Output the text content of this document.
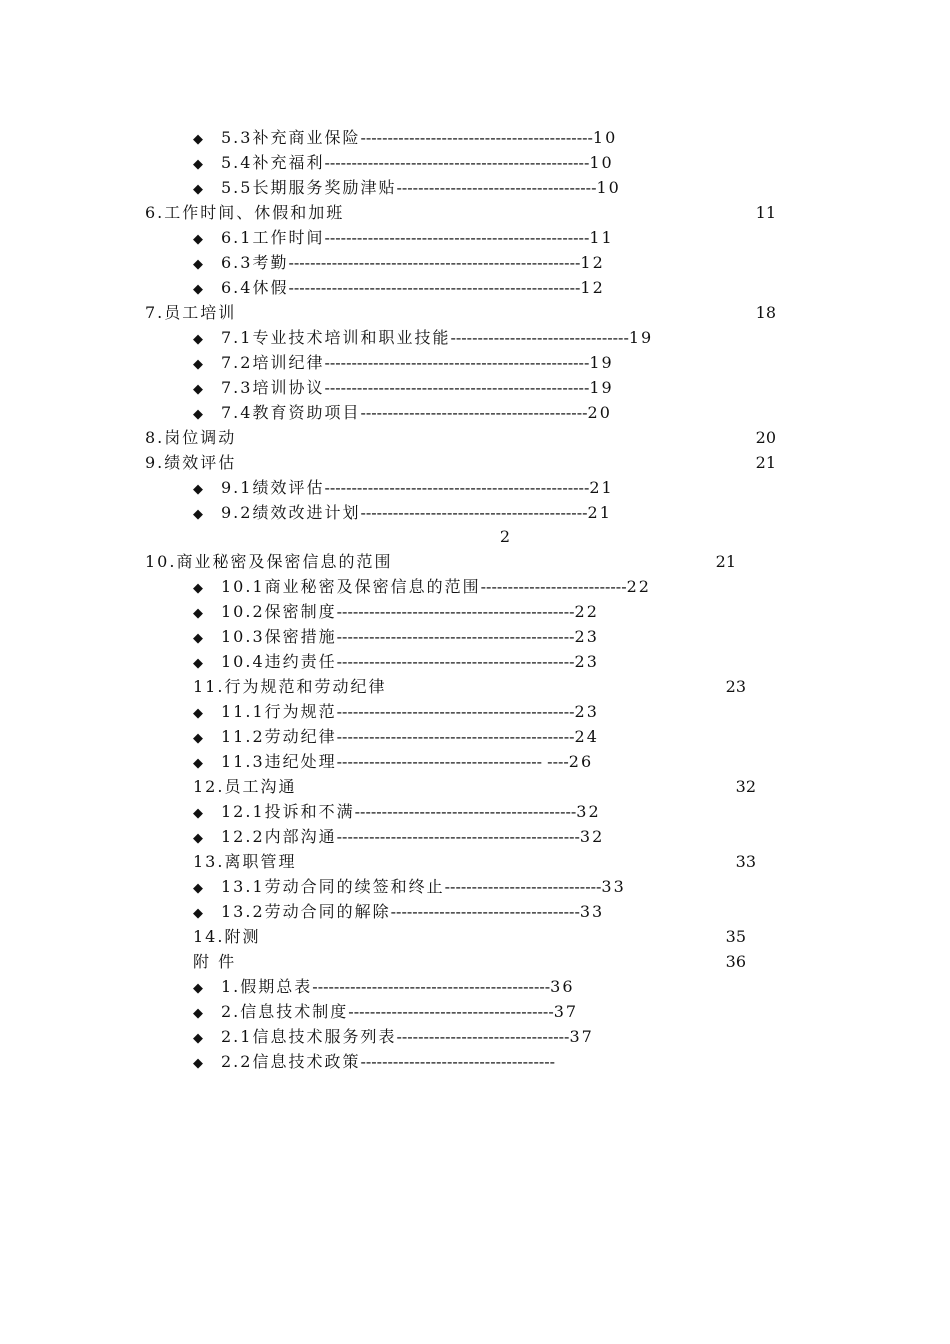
◆ 5.3补充商业保险-------------------------------------------10
◆ 5.4补充福利-------------------------------------------------10
◆ 5.5长期服务奖励津贴-------------------------------------10
6.工作时间、休假和加班	11
◆ 6.1工作时间-------------------------------------------------11
◆ 6.3考勤------------------------------------------------------12
◆ 6.4休假------------------------------------------------------12
7.员工培训	18
◆ 7.1专业技术培训和职业技能---------------------------------19
◆ 7.2培训纪律-------------------------------------------------19
◆ 7.3培训协议-------------------------------------------------19
◆ 7.4教育资助项目------------------------------------------20
8.岗位调动	20
9.绩效评估	21
◆ 9.1绩效评估-------------------------------------------------21
◆ 9.2绩效改进计划------------------------------------------21
2
10.商业秘密及保密信息的范围	21
◆ 10.1商业秘密及保密信息的范围---------------------------22
◆ 10.2保密制度--------------------------------------------22
◆ 10.3保密措施--------------------------------------------23
◆ 10.4违约责任--------------------------------------------23
11.行为规范和劳动纪律	23
◆ 11.1行为规范--------------------------------------------23
◆ 11.2劳动纪律--------------------------------------------24
◆ 11.3违纪处理-------------------------------------- ----26
12.员工沟通	32
◆ 12.1投诉和不满-----------------------------------------32
◆ 12.2内部沟通---------------------------------------------32
13.离职管理	33
◆ 13.1劳动合同的续签和终止-----------------------------33
◆ 13.2劳动合同的解除-----------------------------------33
14.附测	35
附 件	36
◆ 1.假期总表--------------------------------------------36
◆ 2.信息技术制度--------------------------------------37
◆ 2.1信息技术服务列表--------------------------------37
◆ 2.2信息技术政策------------------------------------
